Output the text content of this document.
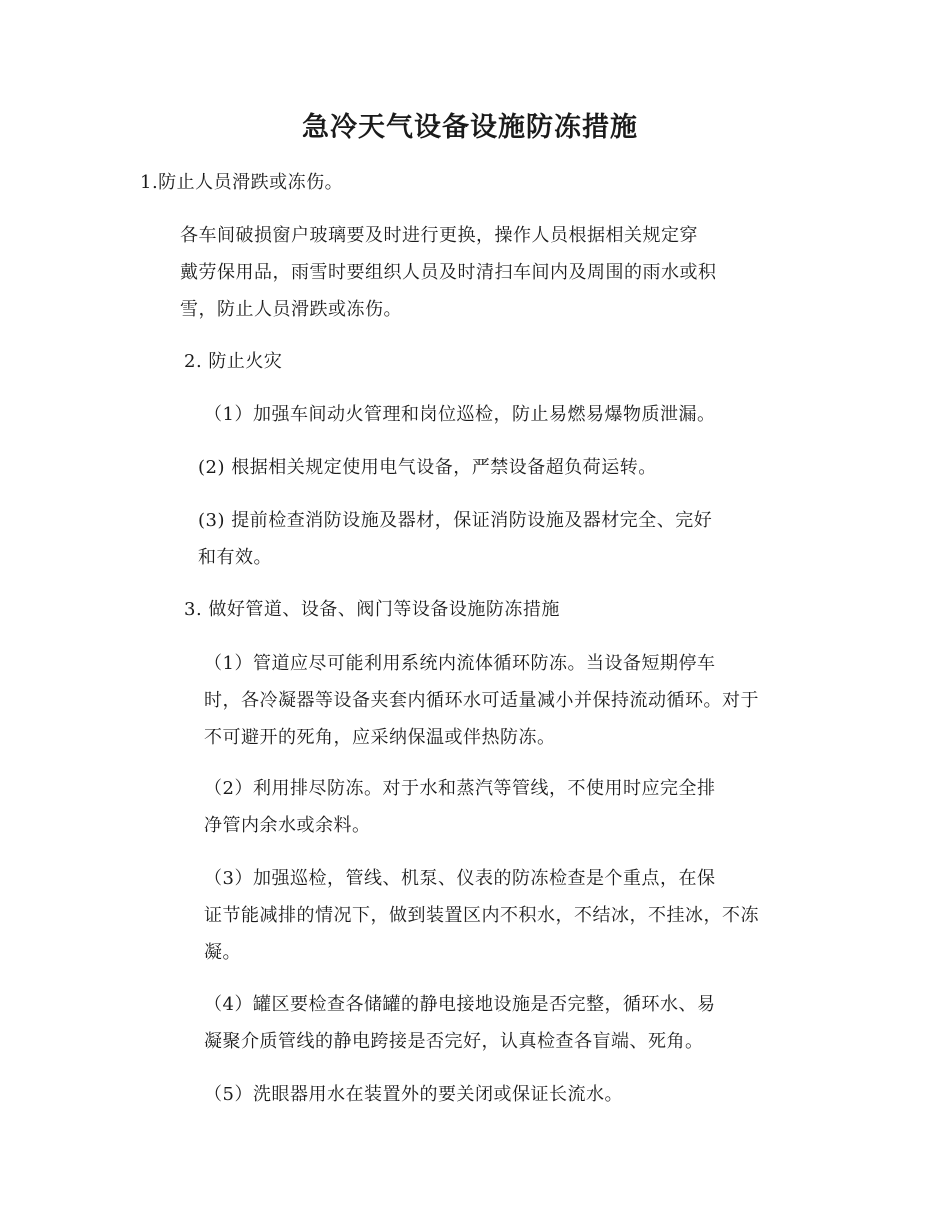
急冷天气设备设施防冻措施

1.防止人员滑跌或冻伤。

各车间破损窗户玻璃要及时进行更换，操作人员根据相关规定穿
戴劳保用品，雨雪时要组织人员及时清扫车间内及周围的雨水或积
雪，防止人员滑跌或冻伤。

2. 防止火灾

（1）加强车间动火管理和岗位巡检，防止易燃易爆物质泄漏。

(2) 根据相关规定使用电气设备，严禁设备超负荷运转。

(3) 提前检查消防设施及器材，保证消防设施及器材完全、完好
和有效。

3. 做好管道、设备、阀门等设备设施防冻措施

（1）管道应尽可能利用系统内流体循环防冻。当设备短期停车
时，各冷凝器等设备夹套内循环水可适量减小并保持流动循环。对于
不可避开的死角，应采纳保温或伴热防冻。

（2）利用排尽防冻。对于水和蒸汽等管线，不使用时应完全排
净管内余水或余料。

（3）加强巡检，管线、机泵、仪表的防冻检查是个重点，在保
证节能减排的情况下，做到装置区内不积水，不结冰，不挂冰，不冻
凝。

（4）罐区要检查各储罐的静电接地设施是否完整，循环水、易
凝聚介质管线的静电跨接是否完好，认真检查各盲端、死角。

（5）洗眼器用水在装置外的要关闭或保证长流水。
